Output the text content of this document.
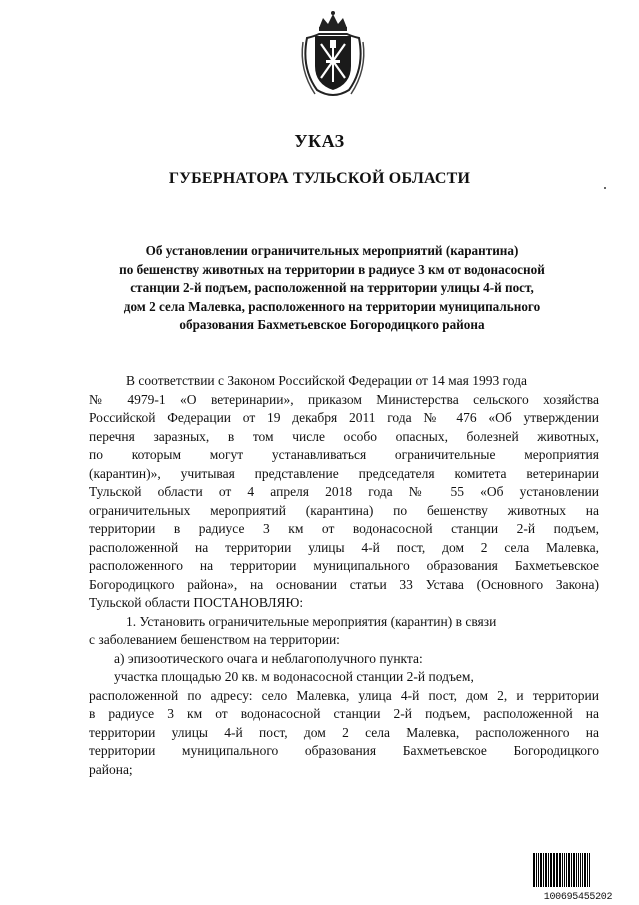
УКАЗ
ГУБЕРНАТОРА ТУЛЬСКОЙ ОБЛАСТИ
Об установлении ограничительных мероприятий (карантина)
по бешенству животных на территории в радиусе 3 км от водонасосной
станции 2-й подъем, расположенной на территории улицы 4-й пост,
дом 2 села Малевка, расположенного на территории муниципального
образования Бахметьевское Богородицкого района
В соответствии с Законом Российской Федерации от 14 мая 1993 года
№ 4979-1 «О ветеринарии», приказом Министерства сельского хозяйства
Российской Федерации от 19 декабря 2011 года № 476 «Об утверждении
перечня заразных, в том числе особо опасных, болезней животных,
по которым могут устанавливаться ограничительные мероприятия
(карантин)», учитывая представление председателя комитета ветеринарии
Тульской области от 4 апреля 2018 года № 55 «Об установлении
ограничительных мероприятий (карантина) по бешенству животных на
территории в радиусе 3 км от водонасосной станции 2-й подъем,
расположенной на территории улицы 4-й пост, дом 2 села Малевка,
расположенного на территории муниципального образования Бахметьевское
Богородицкого района», на основании статьи 33 Устава (Основного Закона)
Тульской области ПОСТАНОВЛЯЮ:
1. Установить ограничительные мероприятия (карантин) в связи
с заболеванием бешенством на территории:
а) эпизоотического очага и неблагополучного пункта:
участка площадью 20 кв. м водонасосной станции 2-й подъем,
расположенной по адресу: село Малевка, улица 4-й пост, дом 2, и территории
в радиусе 3 км от водонасосной станции 2-й подъем, расположенной на
территории улицы 4-й пост, дом 2 села Малевка, расположенного на
территории муниципального образования Бахметьевское Богородицкого
района;
100695455202
